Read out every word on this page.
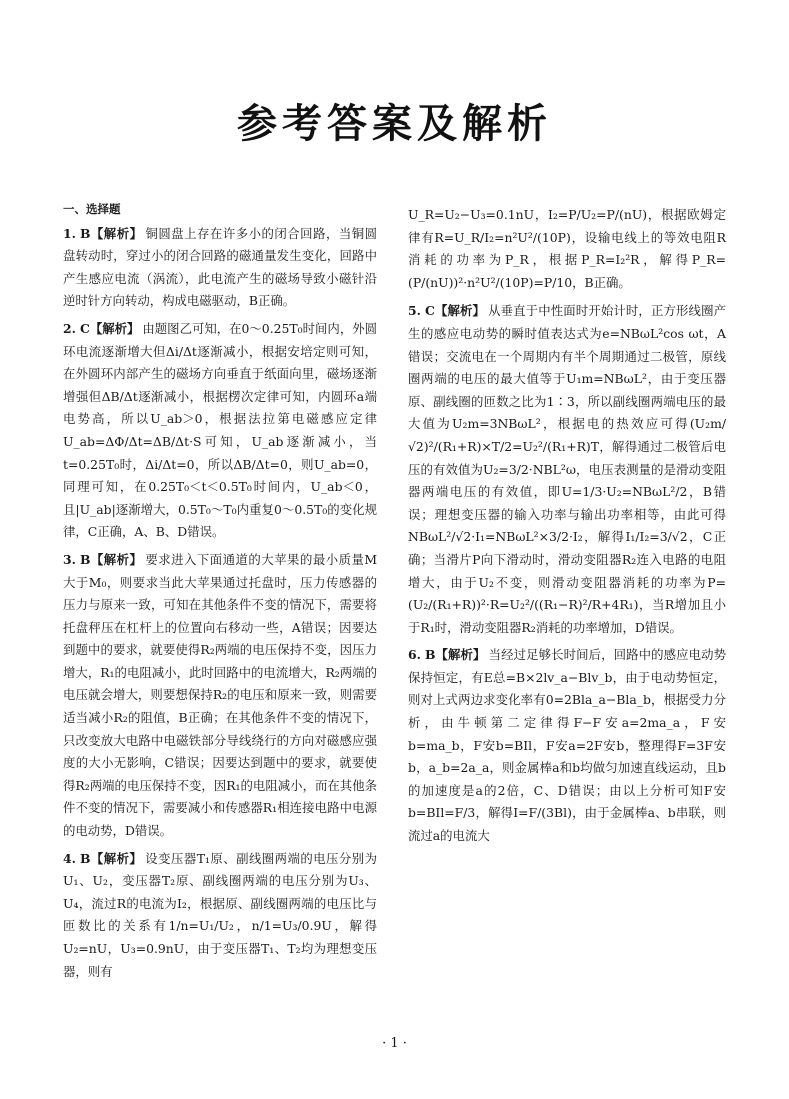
参考答案及解析
一、选择题
1. B【解析】 铜圆盘上存在许多小的闭合回路，当铜圆盘转动时，穿过小的闭合回路的磁通量发生变化，回路中产生感应电流（涡流），此电流产生的磁场导致小磁针沿逆时针方向转动，构成电磁驱动，B正确。
2. C【解析】 由题图乙可知，在0～0.25T₀时间内，外圆环电流逐渐增大但Δi/Δt逐渐减小，根据安培定则可知，在外圆环内部产生的磁场方向垂直于纸面向里，磁场逐渐增强但ΔB/Δt逐渐减小，根据楞次定律可知，内圆环a端电势高，所以U_ab＞0，根据法拉第电磁感应定律U_ab=ΔΦ/Δt=ΔB/Δt·S可知，U_ab逐渐减小，当t=0.25T₀时，Δi/Δt=0，所以ΔB/Δt=0，则U_ab=0，同理可知，在0.25T₀＜t＜0.5T₀时间内，U_ab＜0，且|U_ab|逐渐增大，0.5T₀～T₀内重复0～0.5T₀的变化规律，C正确，A、B、D错误。
3. B【解析】 要求进入下面通道的大苹果的最小质量M大于M₀，则要求当此大苹果通过托盘时，压力传感器的压力与原来一致，可知在其他条件不变的情况下，需要将托盘秤压在杠杆上的位置向右移动一些，A错误；因要达到题中的要求，就要使得R₂两端的电压保持不变，因压力增大，R₁的电阻减小，此时回路中的电流增大，R₂两端的电压就会增大，则要想保持R₂的电压和原来一致，则需要适当减小R₂的阻值，B正确；在其他条件不变的情况下，只改变放大电路中电磁铁部分导线绕行的方向对磁感应强度的大小无影响，C错误；因要达到题中的要求，就要使得R₂两端的电压保持不变，因R₁的电阻减小，而在其他条件不变的情况下，需要减小和传感器R₁相连接电路中电源的电动势，D错误。
4. B【解析】 设变压器T₁原、副线圈两端的电压分别为U₁、U₂，变压器T₂原、副线圈两端的电压分别为U₃、U₄，流过R的电流为I₂，根据原、副线圈两端的电压比与匝数比的关系有1/n=U₁/U₂，n/1=U₃/0.9U，解得U₂=nU，U₃=0.9nU，由于变压器T₁、T₂均为理想变压器，则有
U_R=U₂−U₃=0.1nU，I₂=P/U₂=P/(nU)，根据欧姆定律有R=U_R/I₂=n²U²/(10P)，设输电线上的等效电阻R消耗的功率为P_R，根据P_R=I₂²R，解得P_R=(P/(nU))²·n²U²/(10P)=P/10，B正确。
5. C【解析】 从垂直于中性面时开始计时，正方形线圈产生的感应电动势的瞬时值表达式为e=NBωL²cos ωt，A错误；交流电在一个周期内有半个周期通过二极管，原线圈两端的电压的最大值等于U₁m=NBωL²，由于变压器原、副线圈的匝数之比为1∶3，所以副线圈两端电压的最大值为U₂m=3NBωL²，根据电的热效应可得(U₂m/√2)²/(R₁+R)×T/2=U₂²/(R₁+R)T，解得通过二极管后电压的有效值为U₂=3/2·NBL²ω，电压表测量的是滑动变阻器两端电压的有效值，即U=1/3·U₂=NBωL²/2，B错误；理想变压器的输入功率与输出功率相等，由此可得NBωL²/√2·I₁=NBωL²×3/2·I₂，解得I₁/I₂=3/√2，C正确；当滑片P向下滑动时，滑动变阻器R₂连入电路的电阻增大，由于U₂不变，则滑动变阻器消耗的功率为P=(U₂/(R₁+R))²·R=U₂²/((R₁−R)²/R+4R₁)，当R增加且小于R₁时，滑动变阻器R₂消耗的功率增加，D错误。
6. B【解析】 当经过足够长时间后，回路中的感应电动势保持恒定，有E总=B×2lv_a−Blv_b，由于电动势恒定，则对上式两边求变化率有0=2Bla_a−Bla_b，根据受力分析，由牛顿第二定律得F−F安a=2ma_a，F安b=ma_b，F安b=BIl，F安a=2F安b，整理得F=3F安b，a_b=2a_a，则金属棒a和b均做匀加速直线运动，且b的加速度是a的2倍，C、D错误；由以上分析可知F安b=BIl=F/3，解得I=F/(3Bl)，由于金属棒a、b串联，则流过a的电流大
· 1 ·
